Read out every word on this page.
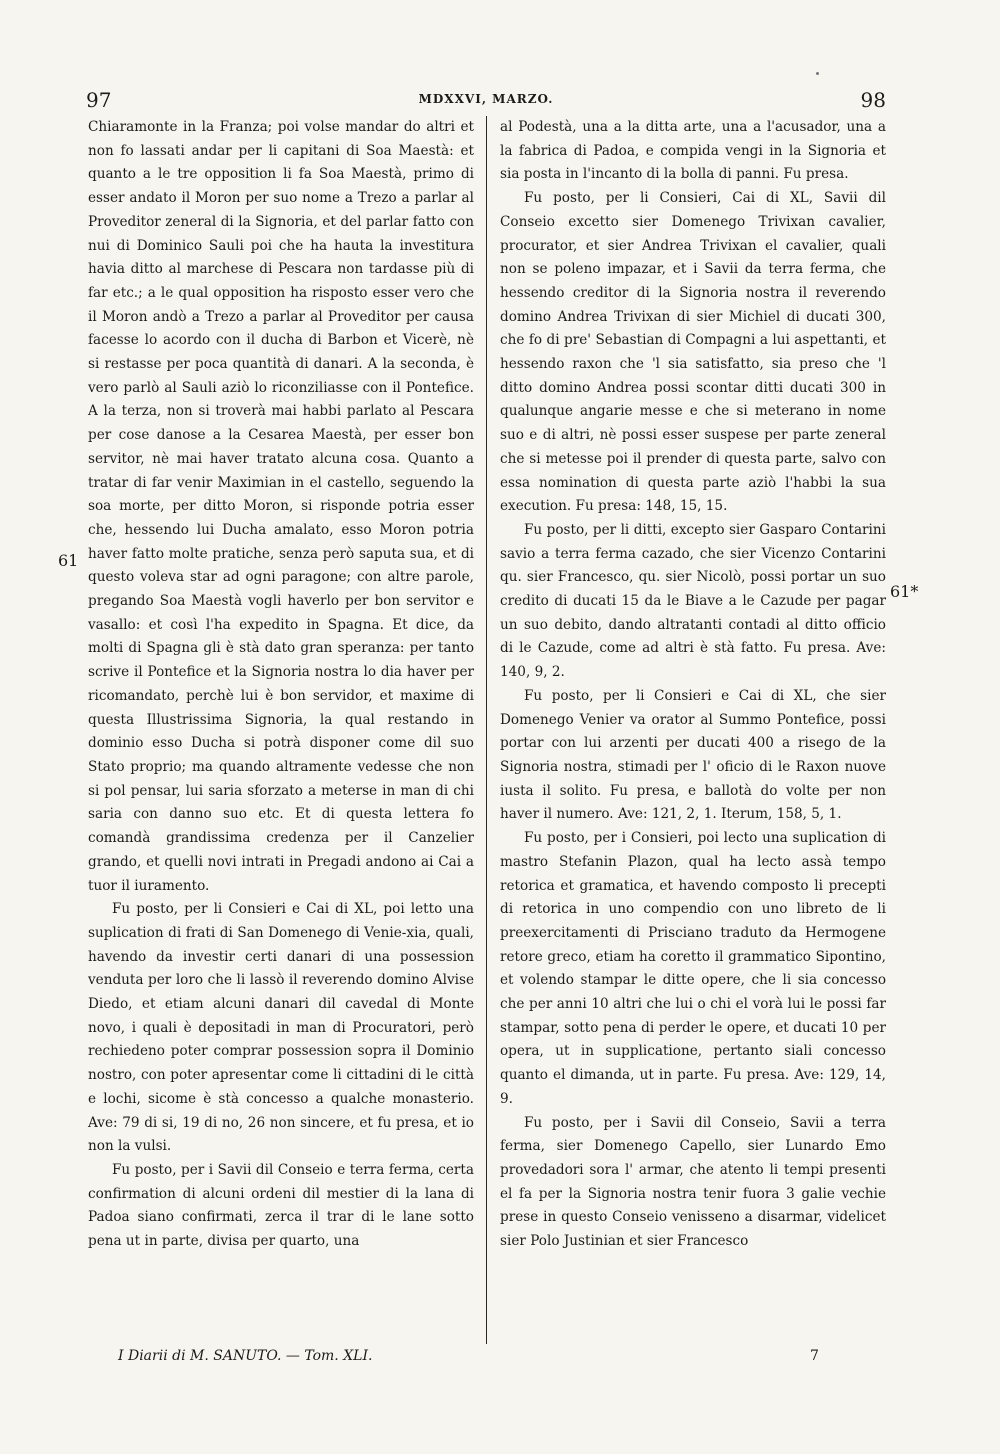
97	MDXXVI, MARZO.	98

Chiaramonte in la Franza; poi volse mandar do altri et non fo lassati andar per li capitani di Soa Maestà: et quanto a le tre opposition li fa Soa Maestà, primo di esser andato il Moron per suo nome a Trezo a parlar al Proveditor zeneral di la Signoria, et del parlar fatto con nui di Dominico Sauli poi che ha hauta la investitura havia ditto al marchese di Pescara non tardasse più di far etc.; a le qual opposition ha risposto esser vero che il Moron andò a Trezo a parlar al Proveditor per causa facesse lo acordo con il ducha di Barbon et Vicerè, nè si restasse per poca quantità di danari. A la seconda, è vero parlò al Sauli aziò lo riconziliasse con il Pontefice. A la terza, non si troverà mai habbi parlato al Pescara per cose danose a la Cesarea Maestà, per esser bon servitor, nè mai haver tratato alcuna cosa. Quanto a tratar di far venir Maximian in el castello, seguendo la soa morte, per ditto Moron, si risponde potria esser che, hessendo lui Ducha amalato, esso Moron potria haver fatto molte pratiche, senza però saputa sua, et di questo voleva star ad ogni paragone; con altre parole, pregando Soa Maestà vogli haverlo per bon servitor e vasallo: et così l'ha expedito in Spagna. Et dice, da molti di Spagna gli è stà dato gran speranza: per tanto scrive il Pontefice et la Signoria nostra lo dia haver per ricomandato, perchè lui è bon servidor, et maxime di questa Illustrissima Signoria, la qual restando in dominio esso Ducha si potrà disponer come dil suo Stato proprio; ma quando altramente vedesse che non si pol pensar, lui saria sforzato a meterse in man di chi saria con danno suo etc. Et di questa lettera fo comandà grandissima credenza per il Canzelier grando, et quelli novi intrati in Pregadi andono ai Cai a tuor il iuramento.

Fu posto, per li Consieri e Cai di XL, poi letto una suplication di frati di San Domenego di Venie-xia, quali, havendo da investir certi danari di una possession venduta per loro che li lassò il reverendo domino Alvise Diedo, et etiam alcuni danari dil cavedal di Monte novo, i quali è depositadi in man di Procuratori, però rechiedeno poter comprar possession sopra il Dominio nostro, con poter apresentar come li cittadini di le città e lochi, sicome è stà concesso a qualche monasterio. Ave: 79 di si, 19 di no, 26 non sincere, et fu presa, et io non la vulsi.

Fu posto, per i Savii dil Conseio e terra ferma, certa confirmation di alcuni ordeni dil mestier di la lana di Padoa siano confirmati, zerca il trar di le lane sotto pena ut in parte, divisa per quarto, una

al Podestà, una a la ditta arte, una a l'acusador, una a la fabrica di Padoa, e compida vengi in la Signoria et sia posta in l'incanto di la bolla di panni. Fu presa.

Fu posto, per li Consieri, Cai di XL, Savii dil Conseio excetto sier Domenego Trivixan cavalier, procurator, et sier Andrea Trivixan el cavalier, quali non se poleno impazar, et i Savii da terra ferma, che hessendo creditor di la Signoria nostra il reverendo domino Andrea Trivixan di sier Michiel di ducati 300, che fo di pre' Sebastian di Compagni a lui aspettanti, et hessendo raxon che 'l sia satisfatto, sia preso che 'l ditto domino Andrea possi scontar ditti ducati 300 in qualunque angarie messe e che si meterano in nome suo e di altri, nè possi esser suspese per parte zeneral che si metesse poi il prender di questa parte, salvo con essa nomination di questa parte aziò l'habbi la sua execution. Fu presa: 148, 15, 15.

Fu posto, per li ditti, excepto sier Gasparo Contarini savio a terra ferma cazado, che sier Vicenzo Contarini qu. sier Francesco, qu. sier Nicolò, possi portar un suo credito di ducati 15 da le Biave a le Cazude per pagar un suo debito, dando altratanti contadi al ditto officio di le Cazude, come ad altri è stà fatto. Fu presa. Ave: 140, 9, 2.

Fu posto, per li Consieri e Cai di XL, che sier Domenego Venier va orator al Summo Pontefice, possi portar con lui arzenti per ducati 400 a risego de la Signoria nostra, stimadi per l' oficio di le Raxon nuove iusta il solito. Fu presa, e ballotà do volte per non haver il numero. Ave: 121, 2, 1. Iterum, 158, 5, 1.

Fu posto, per i Consieri, poi lecto una suplication di mastro Stefanin Plazon, qual ha lecto assà tempo retorica et gramatica, et havendo composto li precepti di retorica in uno compendio con uno libreto de li preexercitamenti di Prisciano traduto da Hermogene retore greco, etiam ha coretto il grammatico Sipontino, et volendo stampar le ditte opere, che li sia concesso che per anni 10 altri che lui o chi el vorà lui le possi far stampar, sotto pena di perder le opere, et ducati 10 per opera, ut in supplicatione, pertanto siali concesso quanto el dimanda, ut in parte. Fu presa. Ave: 129, 14, 9.

Fu posto, per i Savii dil Conseio, Savii a terra ferma, sier Domenego Capello, sier Lunardo Emo provedadori sora l' armar, che atento li tempi presenti el fa per la Signoria nostra tenir fuora 3 galie vechie prese in questo Conseio venisseno a disarmar, videlicet sier Polo Justinian et sier Francesco

61
61*
I Diarii di M. SANUTO. — Tom. XLI.	7
